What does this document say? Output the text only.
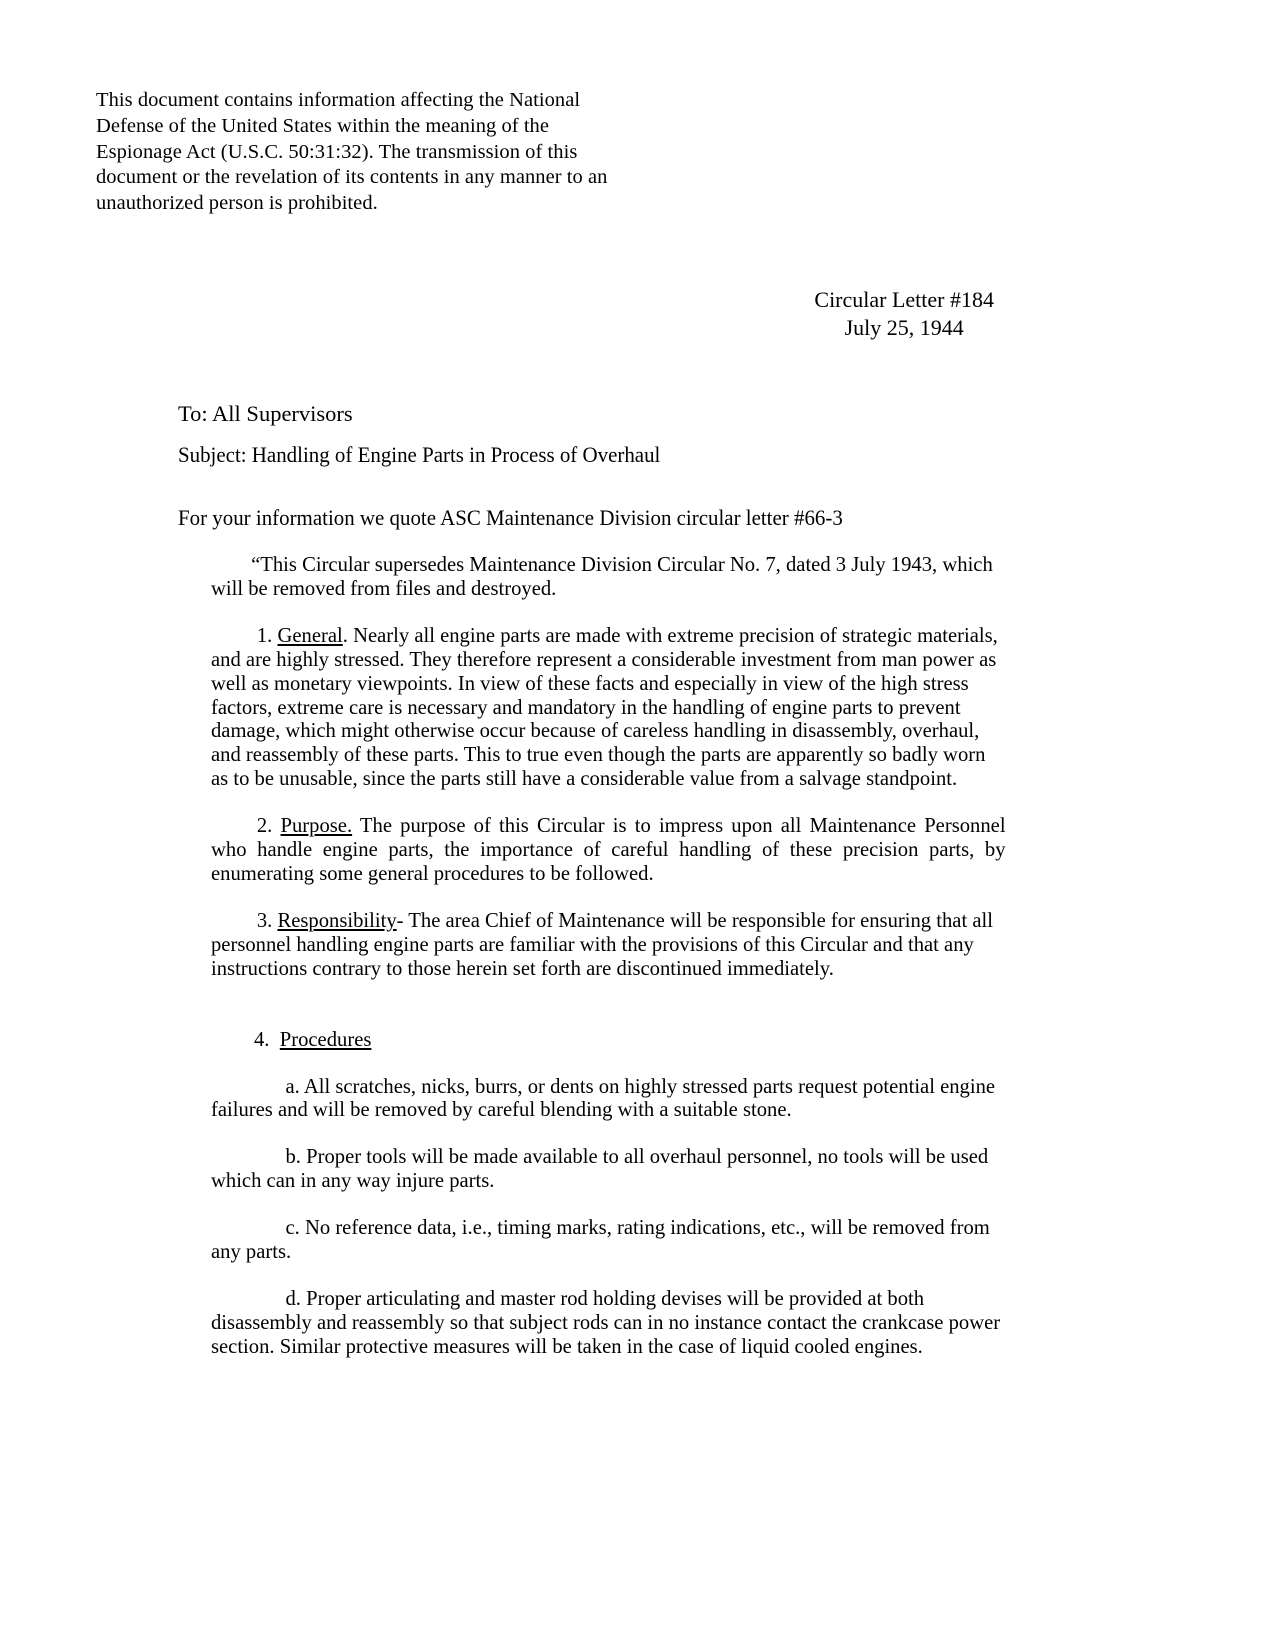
This document contains information affecting the National
Defense of the United States within the meaning of the
Espionage Act (U.S.C. 50:31:32). The transmission of this
document or the revelation of its contents in any manner to an
unauthorized person is prohibited.
Circular Letter #184
July 25, 1944
To: All Supervisors
Subject: Handling of Engine Parts in Process of Overhaul
For your information we quote ASC Maintenance Division circular letter #66-3

“This Circular supersedes Maintenance Division Circular No. 7, dated 3 July 1943, which will be removed from files and destroyed.

1. General. Nearly all engine parts are made with extreme precision of strategic materials, and are highly stressed. They therefore represent a considerable investment from man power as well as monetary viewpoints. In view of these facts and especially in view of the high stress factors, extreme care is necessary and mandatory in the handling of engine parts to prevent damage, which might otherwise occur because of careless handling in disassembly, overhaul, and reassembly of these parts. This to true even though the parts are apparently so badly worn as to be unusable, since the parts still have a considerable value from a salvage standpoint.

2. Purpose. The purpose of this Circular is to impress upon all Maintenance Personnel who handle engine parts, the importance of careful handling of these precision parts, by enumerating some general procedures to be followed.

3. Responsibility- The area Chief of Maintenance will be responsible for ensuring that all personnel handling engine parts are familiar with the provisions of this Circular and that any instructions contrary to those herein set forth are discontinued immediately.

4. Procedures

a. All scratches, nicks, burrs, or dents on highly stressed parts request potential engine failures and will be removed by careful blending with a suitable stone.

b. Proper tools will be made available to all overhaul personnel, no tools will be used which can in any way injure parts.

c. No reference data, i.e., timing marks, rating indications, etc., will be removed from any parts.

d. Proper articulating and master rod holding devises will be provided at both disassembly and reassembly so that subject rods can in no instance contact the crankcase power section. Similar protective measures will be taken in the case of liquid cooled engines.
